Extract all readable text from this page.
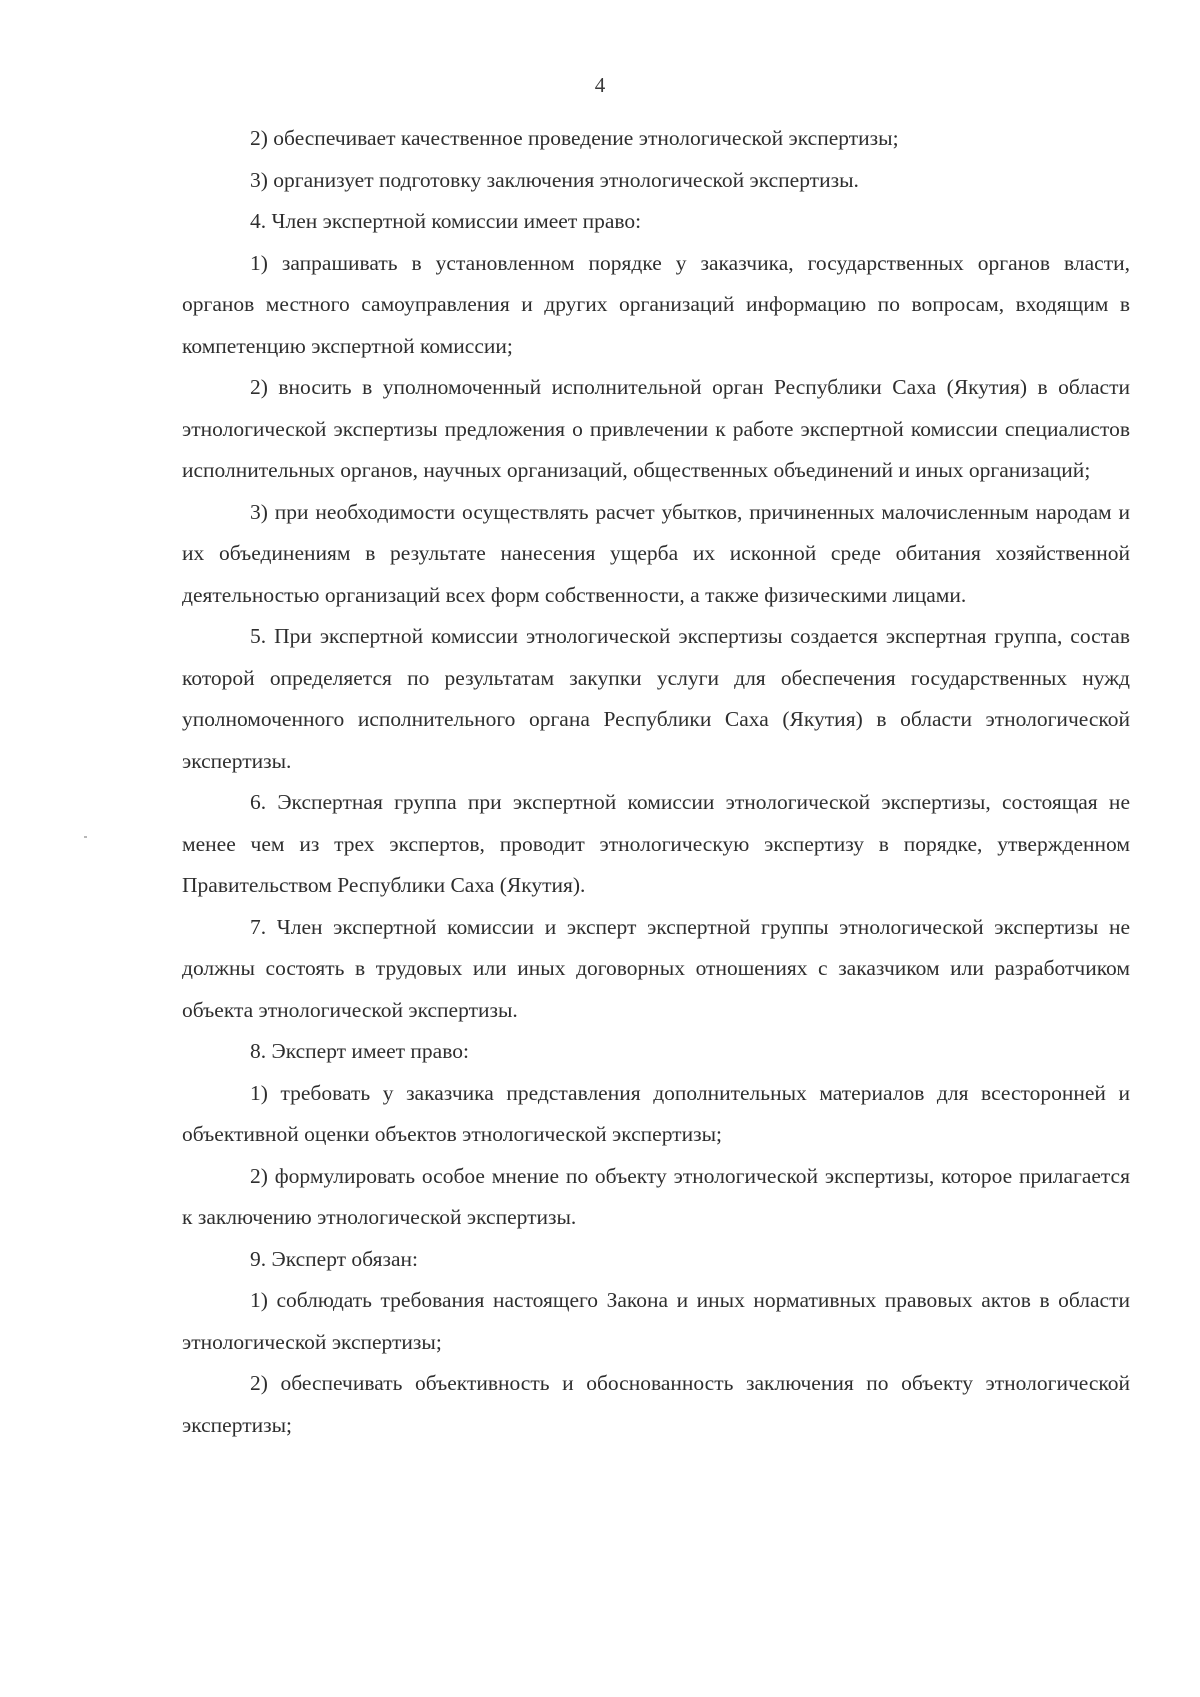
4

2) обеспечивает качественное проведение этнологической экспертизы;

3) организует подготовку заключения этнологической экспертизы.

4. Член экспертной комиссии имеет право:

1) запрашивать в установленном порядке у заказчика, государственных органов власти, органов местного самоуправления и других организаций информацию по вопросам, входящим в компетенцию экспертной комиссии;

2) вносить в уполномоченный исполнительной орган Республики Саха (Якутия) в области этнологической экспертизы предложения о привлечении к работе экспертной комиссии специалистов исполнительных органов, научных организаций, общественных объединений и иных организаций;

3) при необходимости осуществлять расчет убытков, причиненных малочисленным народам и их объединениям в результате нанесения ущерба их исконной среде обитания хозяйственной деятельностью организаций всех форм собственности, а также физическими лицами.

5. При экспертной комиссии этнологической экспертизы создается экспертная группа, состав которой определяется по результатам закупки услуги для обеспечения государственных нужд уполномоченного исполнительного органа Республики Саха (Якутия) в области этнологической экспертизы.

6. Экспертная группа при экспертной комиссии этнологической экспертизы, состоящая не менее чем из трех экспертов, проводит этнологическую экспертизу в порядке, утвержденном Правительством Республики Саха (Якутия).

7. Член экспертной комиссии и эксперт экспертной группы этнологической экспертизы не должны состоять в трудовых или иных договорных отношениях с заказчиком или разработчиком объекта этнологической экспертизы.

8. Эксперт имеет право:

1) требовать у заказчика представления дополнительных материалов для всесторонней и объективной оценки объектов этнологической экспертизы;

2) формулировать особое мнение по объекту этнологической экспертизы, которое прилагается к заключению этнологической экспертизы.

9. Эксперт обязан:

1) соблюдать требования настоящего Закона и иных нормативных правовых актов в области этнологической экспертизы;

2) обеспечивать объективность и обоснованность заключения по объекту этнологической экспертизы;
